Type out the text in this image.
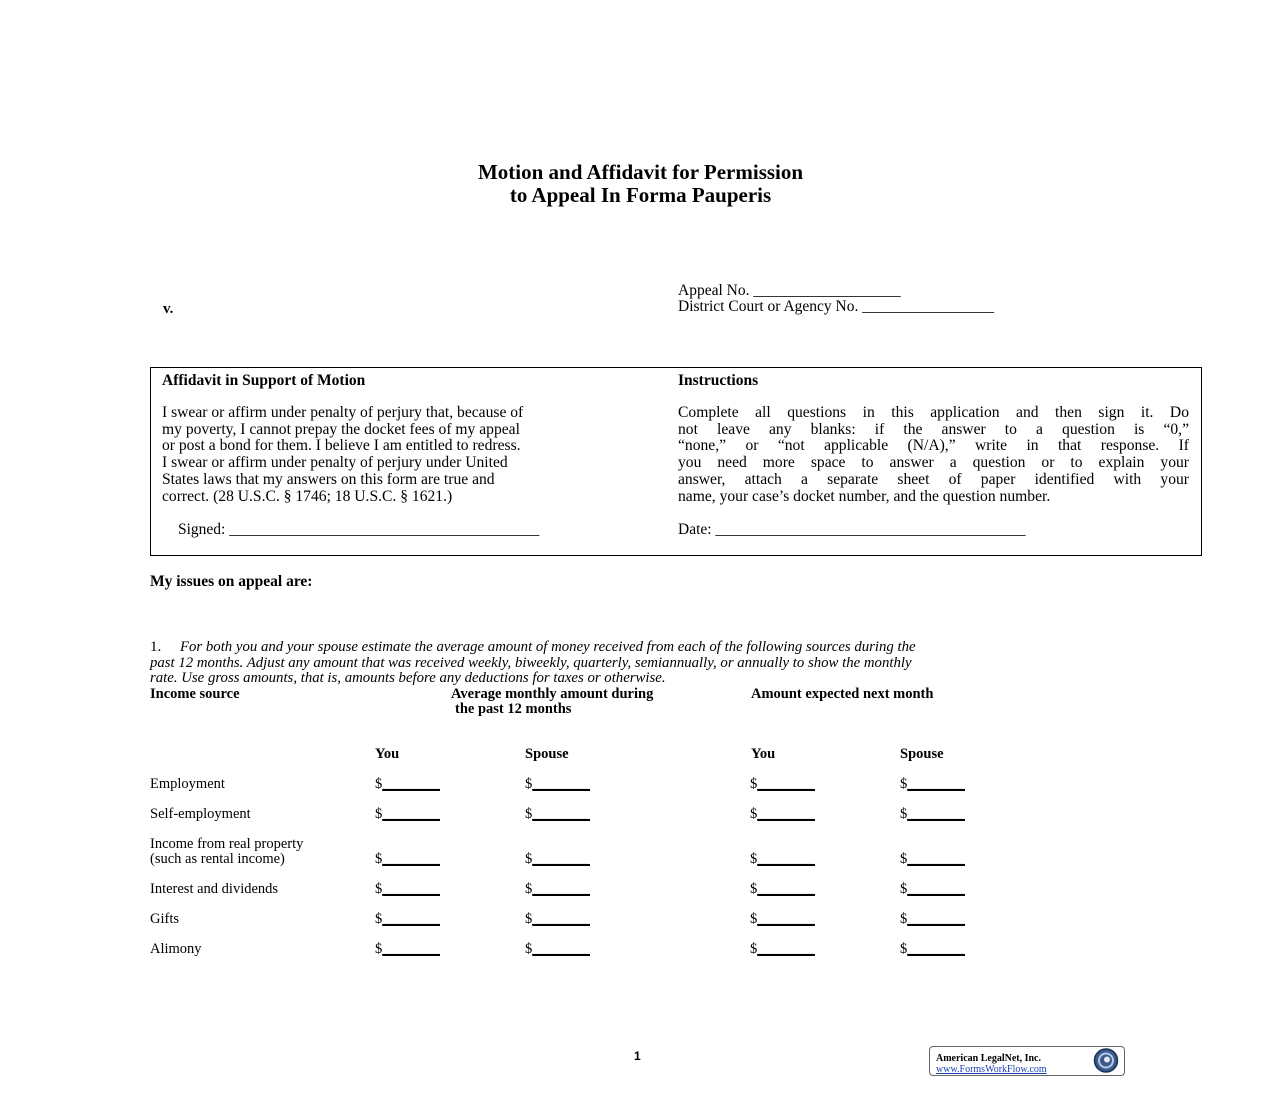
Motion and Affidavit for Permission
to Appeal In Forma Pauperis
v.
Appeal No. ___________________
District Court or Agency No. _________________
Affidavit in Support of Motion

I swear or affirm under penalty of perjury that, because of

my poverty, I cannot prepay the docket fees of my appeal

or post a bond for them. I believe I am entitled to redress.

I swear or affirm under penalty of perjury under United

States laws that my answers on this form are true and

correct. (28 U.S.C. § 1746; 18 U.S.C. § 1621.)

Signed: ________________________________________
Instructions

Complete all questions in this application and then sign it. Do

not leave any blanks: if the answer to a question is “0,”

“none,” or “not applicable (N/A),” write in that response. If

you need more space to answer a question or to explain your

answer, attach a separate sheet of paper identified with your

name, your case’s docket number, and the question number.

Date: ________________________________________
My issues on appeal are:
1. For both you and your spouse estimate the average amount of money received from each of the following sources during the
past 12 months. Adjust any amount that was received weekly, biweekly, quarterly, semiannually, or annually to show the monthly
rate. Use gross amounts, that is, amounts before any deductions for taxes or otherwise.
Income source	Average monthly amount during
the past 12 months
Amount expected next month
You	Spouse	You	Spouse
Employment	$_______	$_______	$_______	$_______
Self-employment	$_______	$_______	$_______	$_______
Income from real property
(such as rental income)	$_______	$_______	$_______	$_______
Interest and dividends	$_______	$_______	$_______	$_______
Gifts	$_______	$_______	$_______	$_______
Alimony	$_______	$_______	$_______	$_______
1	American LegalNet, Inc.
www.FormsWorkFlow.com
